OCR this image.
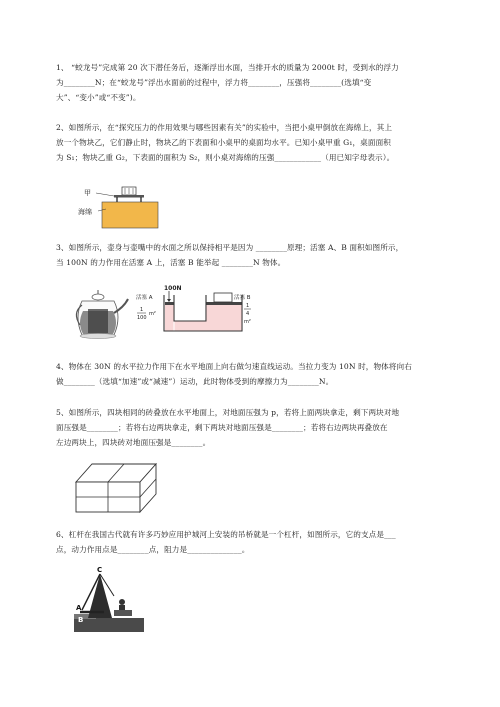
1、 “蛟龙号”完成第 20 次下潜任务后，逐渐浮出水面，当排开水的质量为 2000t 时，受到水的浮力
为________N；在“蛟龙号”浮出水面前的过程中，浮力将________，压强将________(选填“变
大”、“变小”或“不变”)。
2、如图所示，在“探究压力的作用效果与哪些因素有关”的实验中，当把小桌甲倒放在海绵上，其上
放一个物块乙，它们静止时，物块乙的下表面和小桌甲的桌面均水平。已知小桌甲重 G₁，桌面面积
为 S₁；物块乙重 G₂，下表面的面积为 S₂，则小桌对海绵的压强____________（用已知字母表示）。
甲
海绵
3、如图所示，壶身与壶嘴中的水面之所以保持相平是因为 ________原理；活塞 A、B 面积如图所示，
当 100N 的力作用在活塞 A 上，活塞 B 能举起 ________N 物体。
100N
活塞 A
1
100
m²
活塞 B
1
4
m²
4、物体在 30N 的水平拉力作用下在水平地面上向右做匀速直线运动。当拉力变为 10N 时，物体将向右
做________（选填“加速”或“减速”）运动，此时物体受到的摩擦力为________N。
5、如图所示，四块相同的砖叠放在水平地面上，对地面压强为 p，若将上面两块拿走，剩下两块对地
面压强是________；若将右边两块拿走，剩下两块对地面压强是________；若将右边两块再叠放在
左边两块上，四块砖对地面压强是________。
6、杠杆在我国古代就有许多巧妙应用护城河上安装的吊桥就是一个杠杆，如图所示，它的支点是___
点，动力作用点是________点，阻力是______________。
C
A
B
